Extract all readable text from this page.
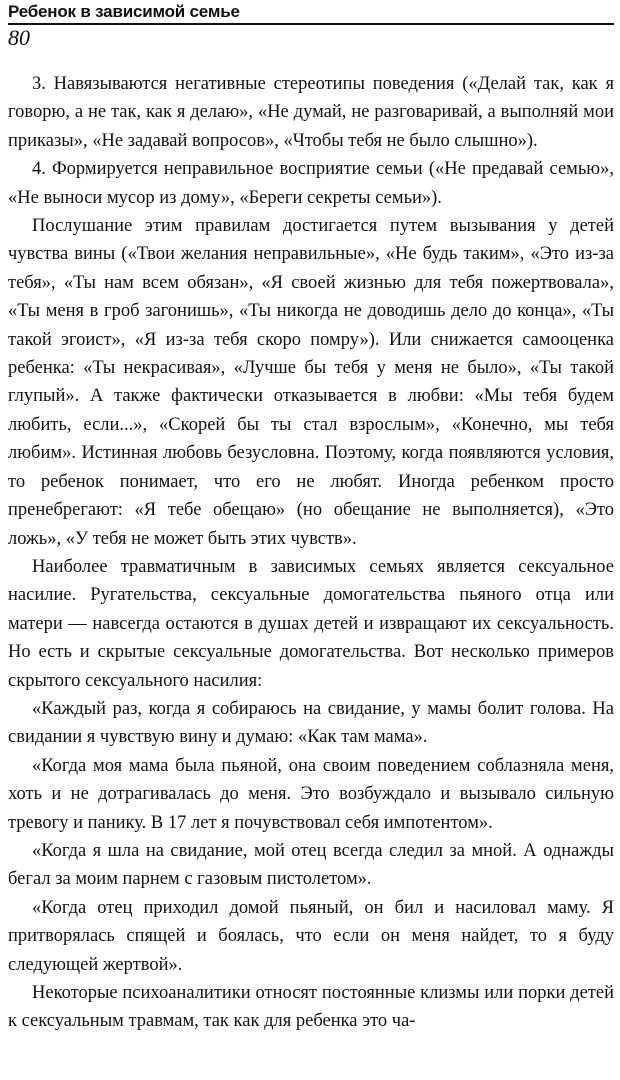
Ребенок в зависимой семье
80

3. Навязываются негативные стереотипы поведения («Делай так, как я говорю, а не так, как я делаю», «Не думай, не разговаривай, а выполняй мои приказы», «Не задавай вопросов», «Чтобы тебя не было слышно»).

4. Формируется неправильное восприятие семьи («Не предавай семью», «Не выноси мусор из дому», «Береги секреты семьи»).

Послушание этим правилам достигается путем вызывания у детей чувства вины («Твои желания неправильные», «Не будь таким», «Это из-за тебя», «Ты нам всем обязан», «Я своей жизнью для тебя пожертвовала», «Ты меня в гроб загонишь», «Ты никогда не доводишь дело до конца», «Ты такой эгоист», «Я из-за тебя скоро помру»). Или снижается самооценка ребенка: «Ты некрасивая», «Лучше бы тебя у меня не было», «Ты такой глупый». А также фактически отказывается в любви: «Мы тебя будем любить, если...», «Скорей бы ты стал взрослым», «Конечно, мы тебя любим». Истинная любовь безусловна. Поэтому, когда появляются условия, то ребенок понимает, что его не любят. Иногда ребенком просто пренебрегают: «Я тебе обещаю» (но обещание не выполняется), «Это ложь», «У тебя не может быть этих чувств».

Наиболее травматичным в зависимых семьях является сексуальное насилие. Ругательства, сексуальные домогательства пьяного отца или матери — навсегда остаются в душах детей и извращают их сексуальность. Но есть и скрытые сексуальные домогательства. Вот несколько примеров скрытого сексуального насилия:

«Каждый раз, когда я собираюсь на свидание, у мамы болит голова. На свидании я чувствую вину и думаю: «Как там мама».

«Когда моя мама была пьяной, она своим поведением соблазняла меня, хоть и не дотрагивалась до меня. Это возбуждало и вызывало сильную тревогу и панику. В 17 лет я почувствовал себя импотентом».

«Когда я шла на свидание, мой отец всегда следил за мной. А однажды бегал за моим парнем с газовым пистолетом».

«Когда отец приходил домой пьяный, он бил и насиловал маму. Я притворялась спящей и боялась, что если он меня найдет, то я буду следующей жертвой».

Некоторые психоаналитики относят постоянные клизмы или порки детей к сексуальным травмам, так как для ребенка это ча-
